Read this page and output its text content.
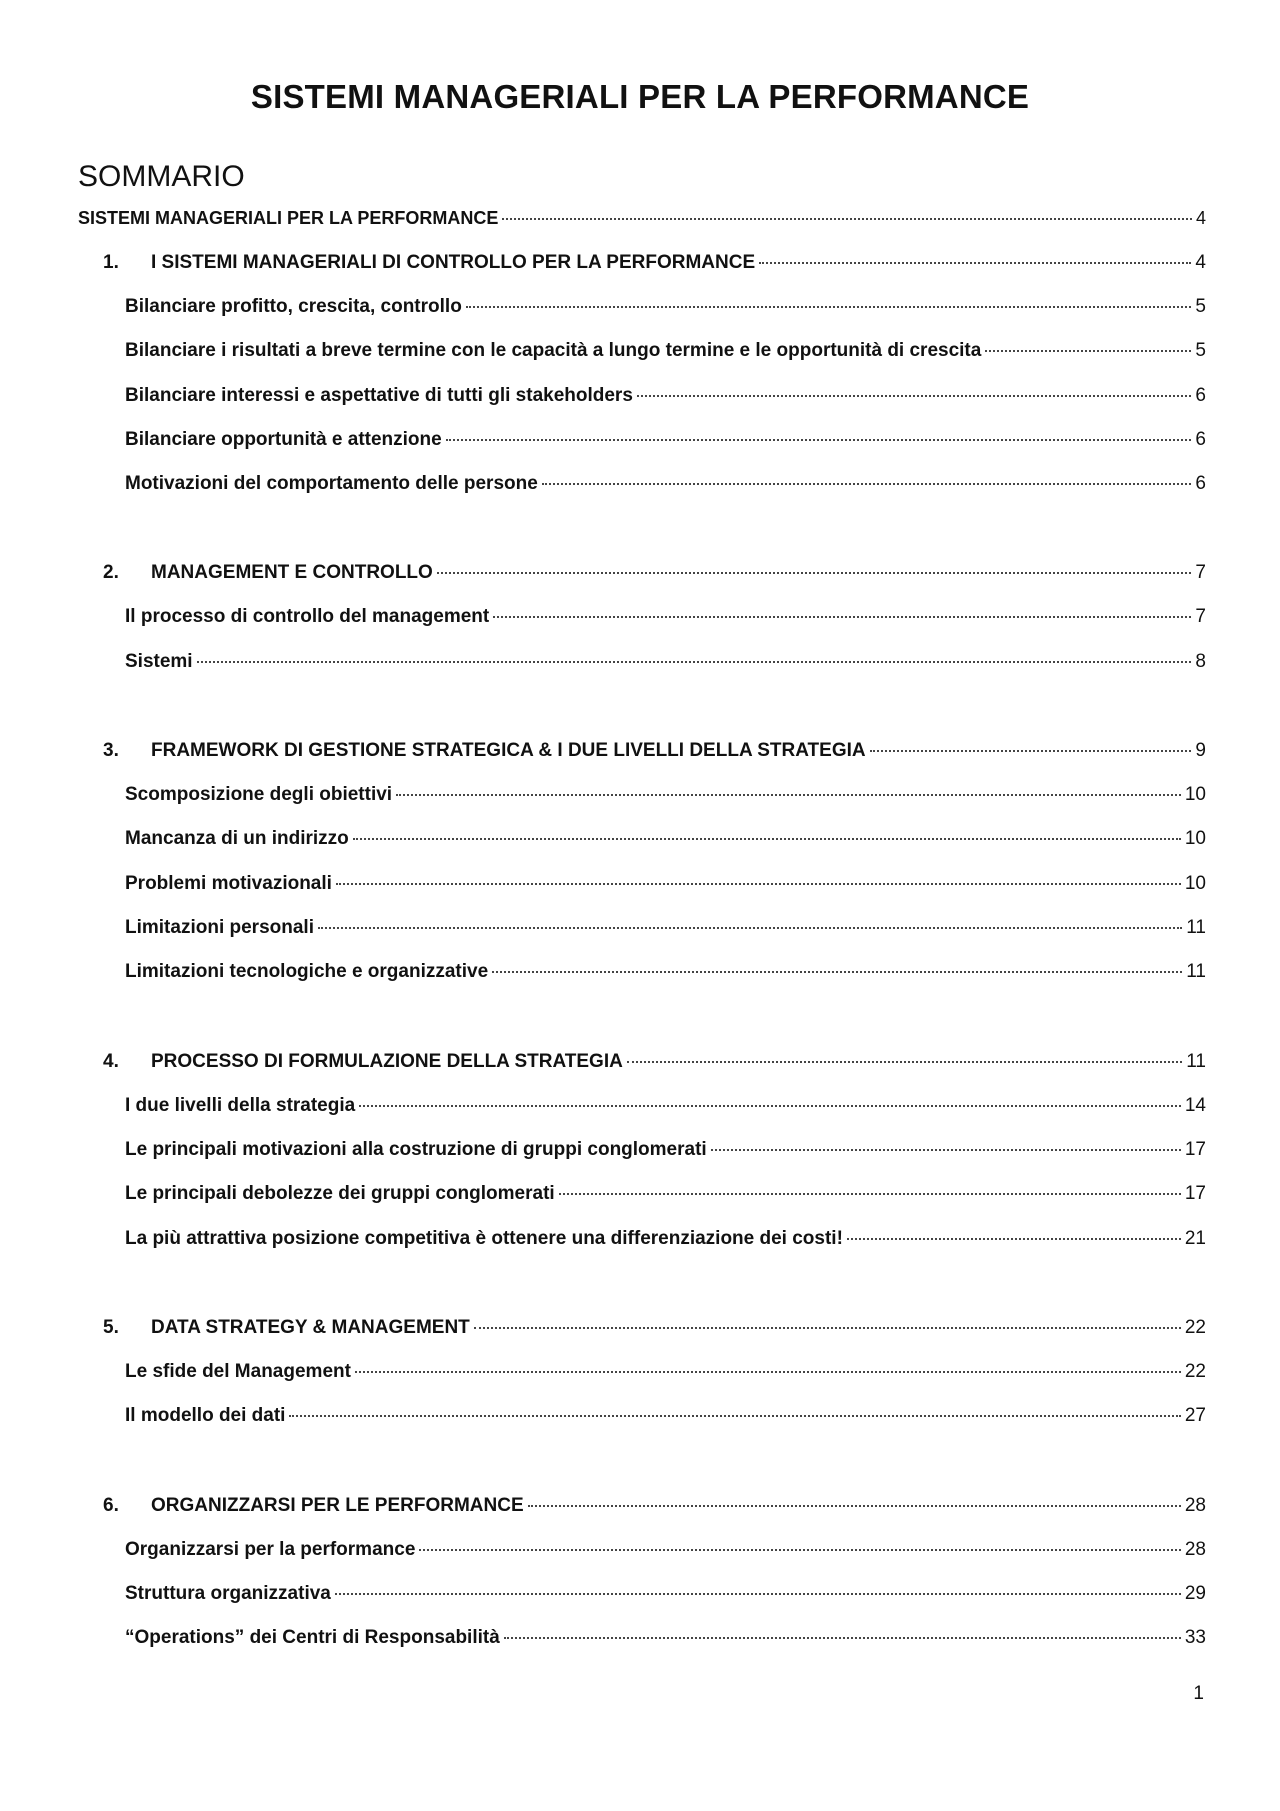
SISTEMI MANAGERIALI PER LA PERFORMANCE
SOMMARIO
SISTEMI MANAGERIALI PER LA PERFORMANCE	4
1.	I SISTEMI MANAGERIALI DI CONTROLLO PER LA PERFORMANCE	4
Bilanciare profitto, crescita, controllo	5
Bilanciare i risultati a breve termine con le capacità a lungo termine e le opportunità di crescita	5
Bilanciare interessi e aspettative di tutti gli stakeholders	6
Bilanciare opportunità e attenzione	6
Motivazioni del comportamento delle persone	6
2.	MANAGEMENT E CONTROLLO	7
Il processo di controllo del management	7
Sistemi	8
3.	FRAMEWORK DI GESTIONE STRATEGICA & I DUE LIVELLI DELLA STRATEGIA	9
Scomposizione degli obiettivi	10
Mancanza di un indirizzo	10
Problemi motivazionali	10
Limitazioni personali	11
Limitazioni tecnologiche e organizzative	11
4.	PROCESSO DI FORMULAZIONE DELLA STRATEGIA	11
I due livelli della strategia	14
Le principali motivazioni alla costruzione di gruppi conglomerati	17
Le principali debolezze dei gruppi conglomerati	17
La più attrattiva posizione competitiva è ottenere una differenziazione dei costi!	21
5.	DATA STRATEGY & MANAGEMENT	22
Le sfide del Management	22
Il modello dei dati	27
6.	ORGANIZZARSI PER LE PERFORMANCE	28
Organizzarsi per la performance	28
Struttura organizzativa	29
“Operations” dei Centri di Responsabilità	33
1
